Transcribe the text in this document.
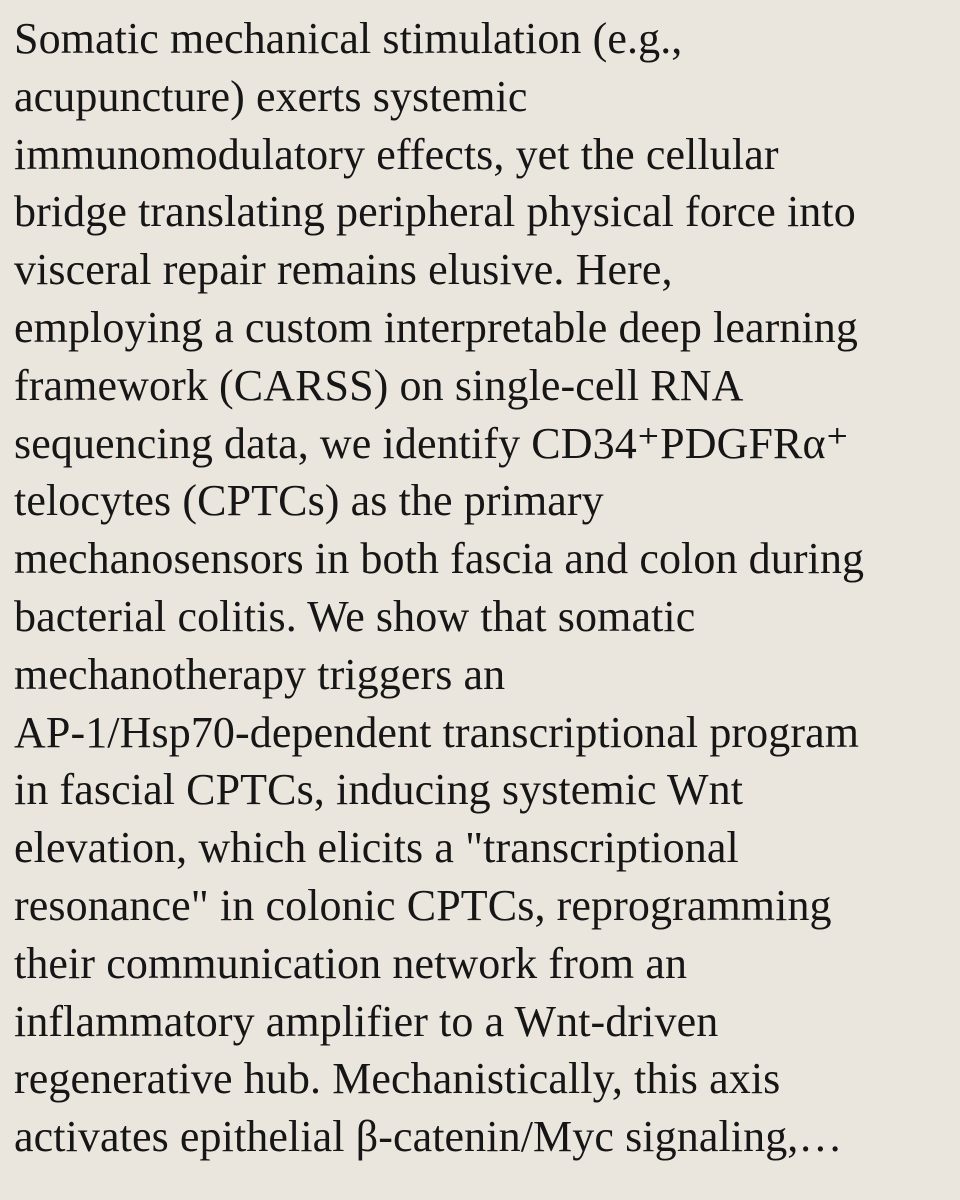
Somatic mechanical stimulation (e.g.,
acupuncture) exerts systemic
immunomodulatory effects, yet the cellular
bridge translating peripheral physical force into
visceral repair remains elusive. Here,
employing a custom interpretable deep learning
framework (CARSS) on single-cell RNA
sequencing data, we identify CD34⁺PDGFRα⁺
telocytes (CPTCs) as the primary
mechanosensors in both fascia and colon during
bacterial colitis. We show that somatic
mechanotherapy triggers an
AP-1/Hsp70-dependent transcriptional program
in fascial CPTCs, inducing systemic Wnt
elevation, which elicits a "transcriptional
resonance" in colonic CPTCs, reprogramming
their communication network from an
inflammatory amplifier to a Wnt-driven
regenerative hub. Mechanistically, this axis
activates epithelial β-catenin/Myc signaling,…
